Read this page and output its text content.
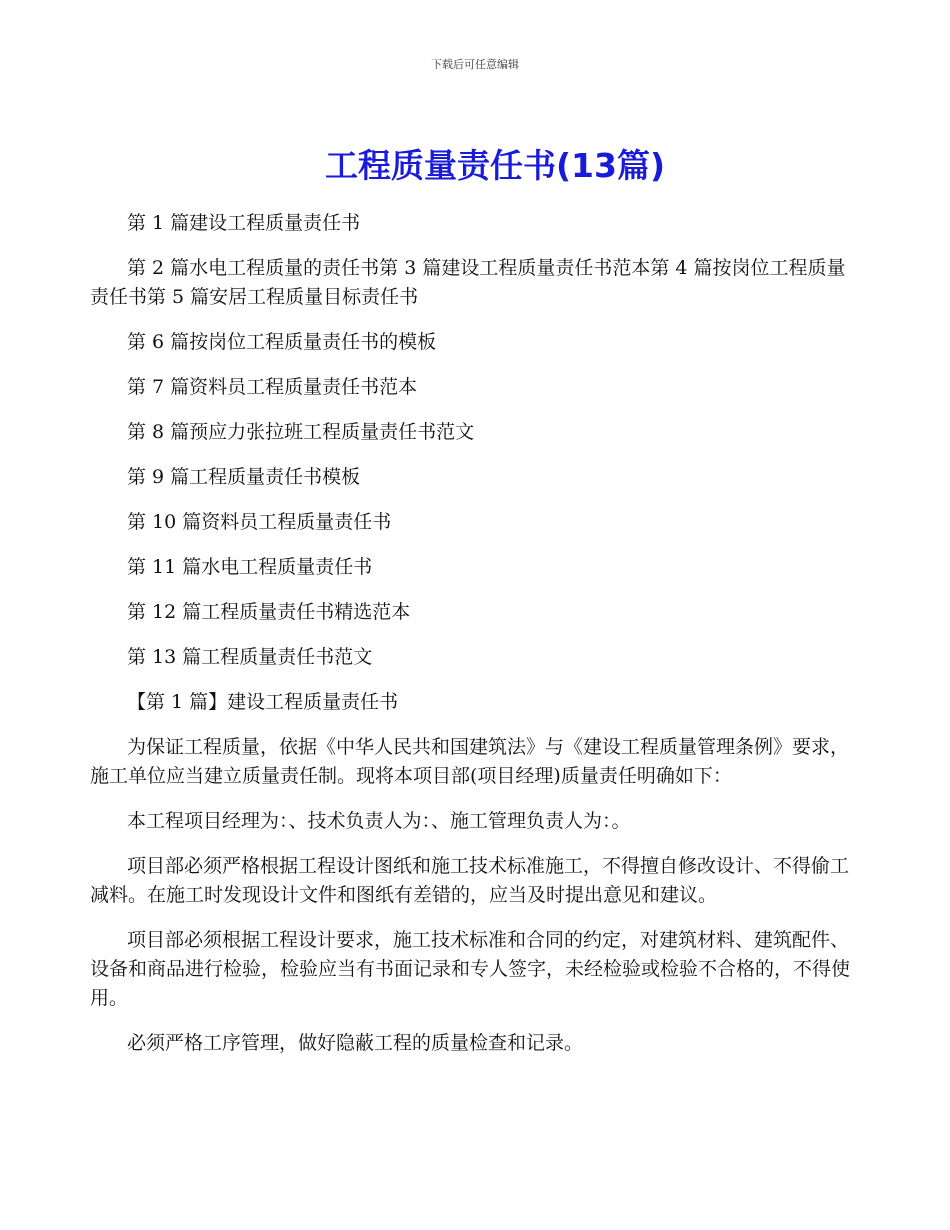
下载后可任意编辑
工程质量责任书(13篇)

第 1 篇建设工程质量责任书

第 2 篇水电工程质量的责任书第 3 篇建设工程质量责任书范本第 4 篇按岗位工程质量责任书第 5 篇安居工程质量目标责任书

第 6 篇按岗位工程质量责任书的模板

第 7 篇资料员工程质量责任书范本

第 8 篇预应力张拉班工程质量责任书范文

第 9 篇工程质量责任书模板

第 10 篇资料员工程质量责任书

第 11 篇水电工程质量责任书

第 12 篇工程质量责任书精选范本

第 13 篇工程质量责任书范文

【第 1 篇】建设工程质量责任书

为保证工程质量，依据《中华人民共和国建筑法》与《建设工程质量管理条例》要求，施工单位应当建立质量责任制。现将本项目部(项目经理)质量责任明确如下：

本工程项目经理为：、技术负责人为：、施工管理负责人为：。

项目部必须严格根据工程设计图纸和施工技术标准施工，不得擅自修改设计、不得偷工减料。在施工时发现设计文件和图纸有差错的，应当及时提出意见和建议。

项目部必须根据工程设计要求，施工技术标准和合同的约定，对建筑材料、建筑配件、设备和商品进行检验，检验应当有书面记录和专人签字，未经检验或检验不合格的，不得使用。

必须严格工序管理，做好隐蔽工程的质量检查和记录。
